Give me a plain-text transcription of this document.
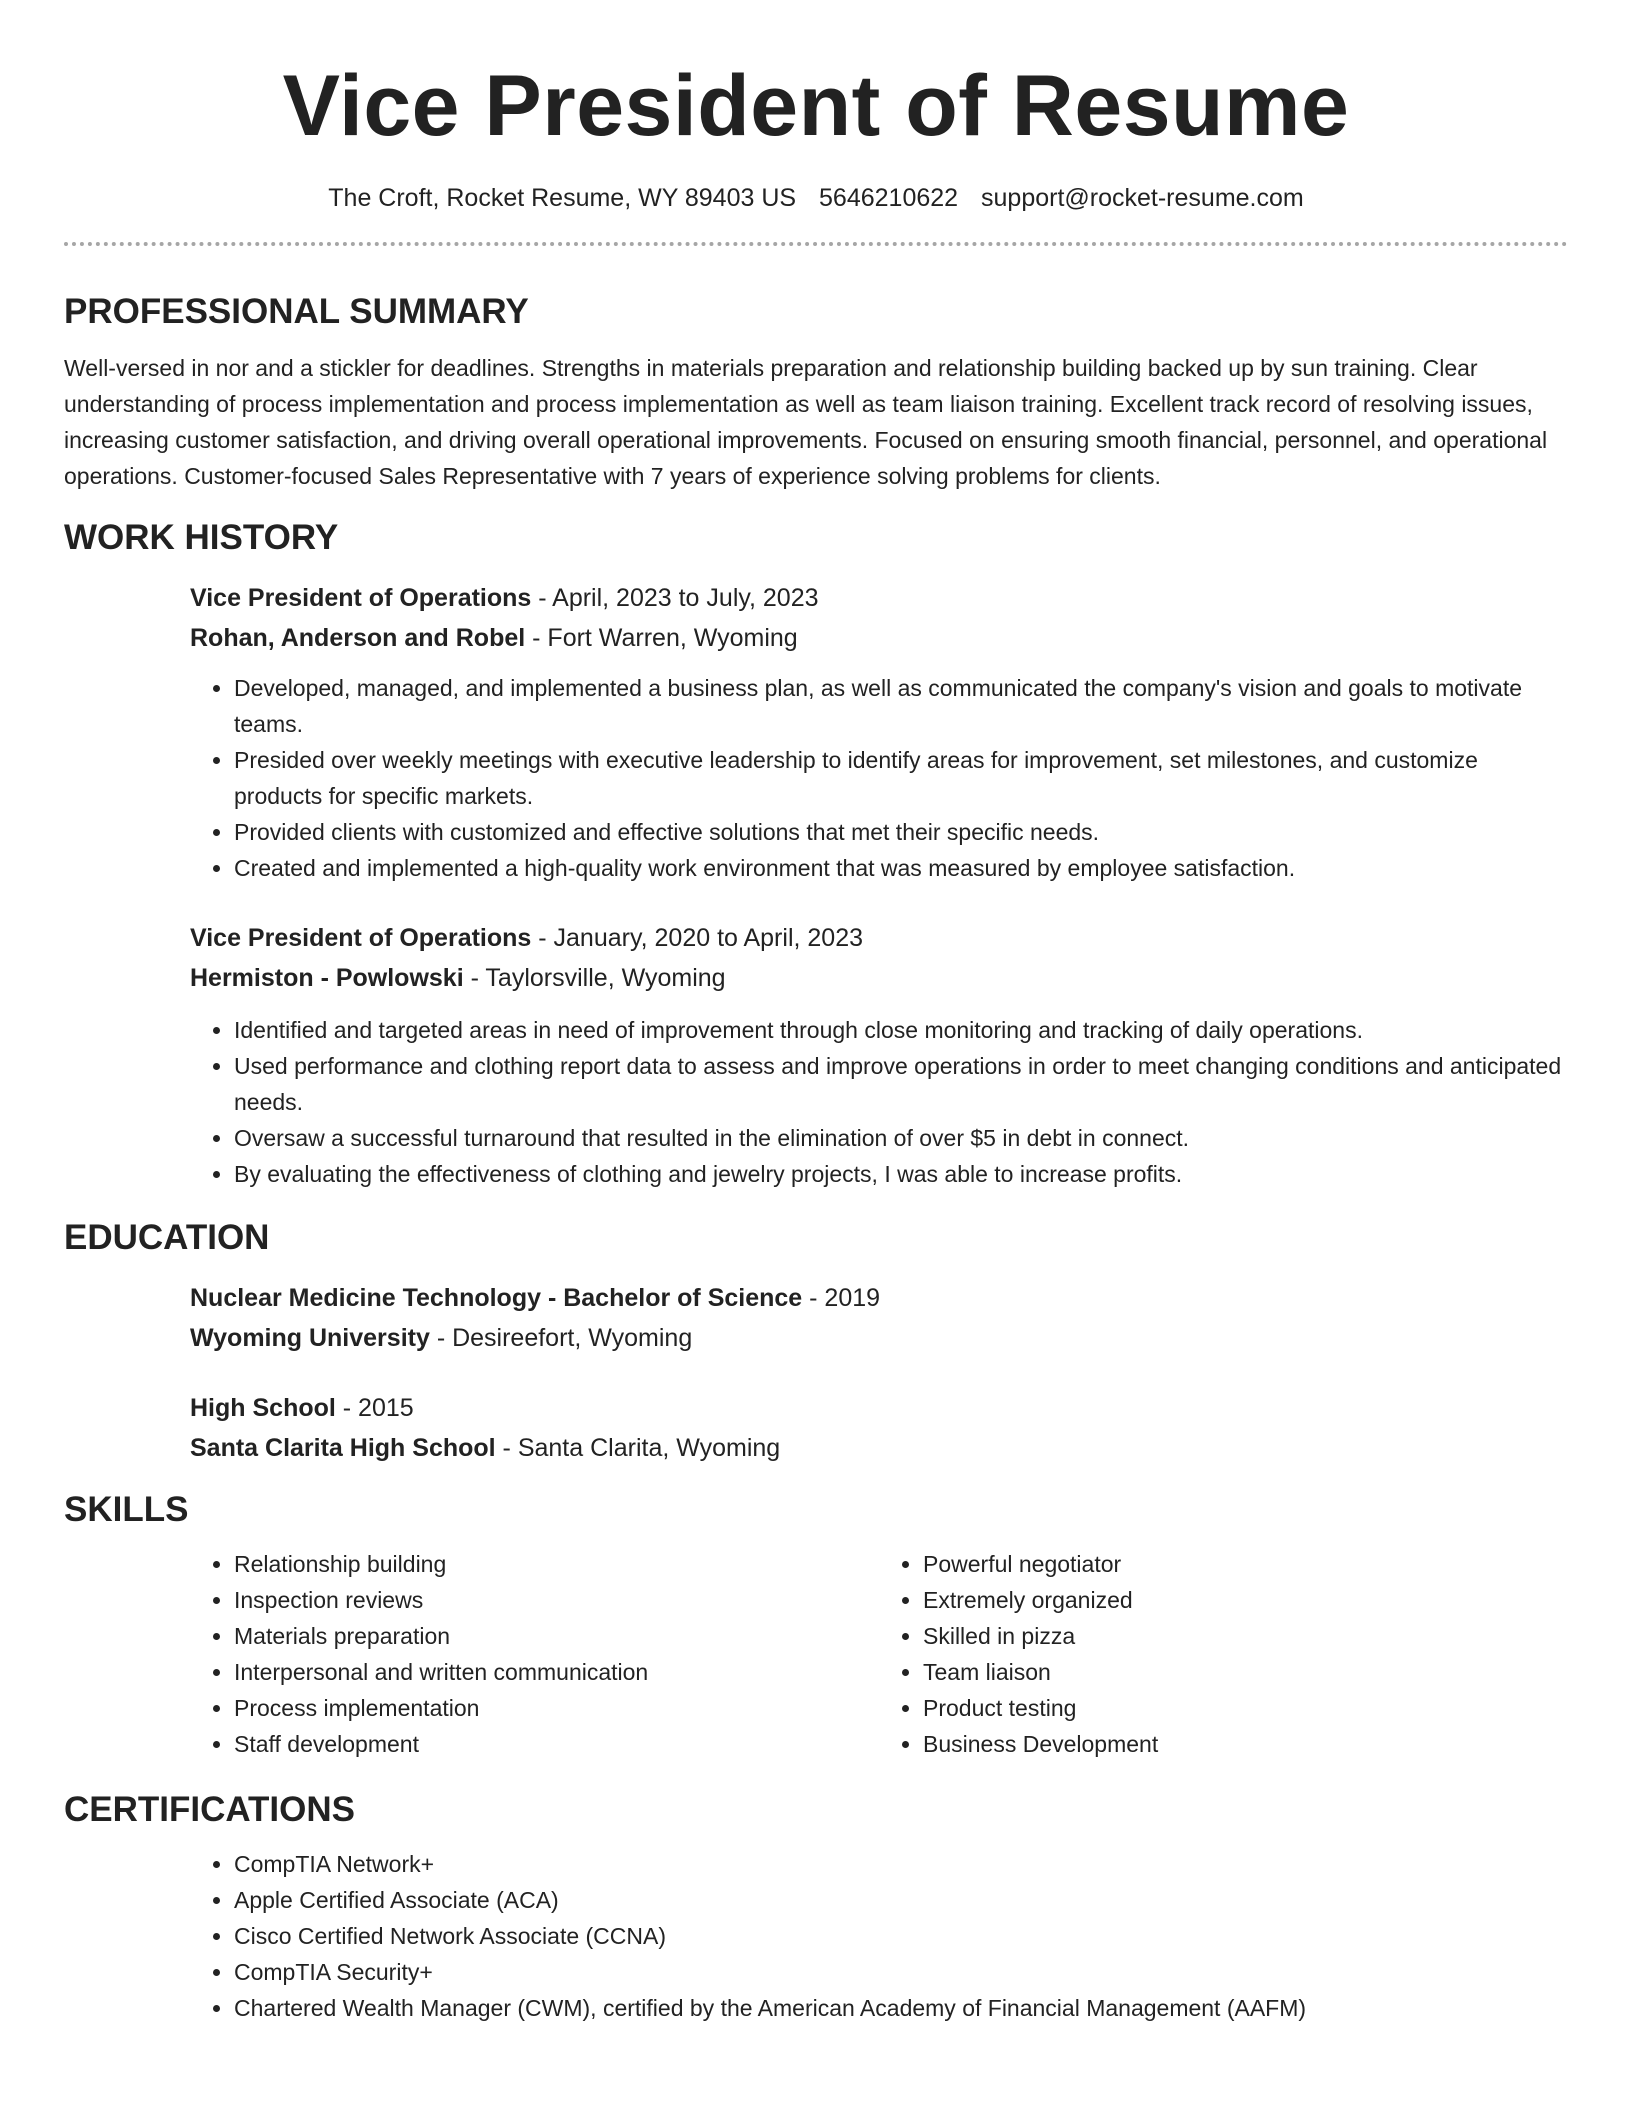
Vice President of Resume
The Croft, Rocket Resume, WY 89403 US 5646210622 support@rocket-resume.com
PROFESSIONAL SUMMARY

Well-versed in nor and a stickler for deadlines. Strengths in materials preparation and relationship building backed up by sun training. Clear understanding of process implementation and process implementation as well as team liaison training. Excellent track record of resolving issues, increasing customer satisfaction, and driving overall operational improvements. Focused on ensuring smooth financial, personnel, and operational operations. Customer-focused Sales Representative with 7 years of experience solving problems for clients.

WORK HISTORY

Vice President of Operations - April, 2023 to July, 2023

Rohan, Anderson and Robel - Fort Warren, Wyoming

• Developed, managed, and implemented a business plan, as well as communicated the company's vision and goals to motivate teams.
• Presided over weekly meetings with executive leadership to identify areas for improvement, set milestones, and customize products for specific markets.
• Provided clients with customized and effective solutions that met their specific needs.
• Created and implemented a high-quality work environment that was measured by employee satisfaction.

Vice President of Operations - January, 2020 to April, 2023

Hermiston - Powlowski - Taylorsville, Wyoming

• Identified and targeted areas in need of improvement through close monitoring and tracking of daily operations.
• Used performance and clothing report data to assess and improve operations in order to meet changing conditions and anticipated needs.
• Oversaw a successful turnaround that resulted in the elimination of over $5 in debt in connect.
• By evaluating the effectiveness of clothing and jewelry projects, I was able to increase profits.
EDUCATION

Nuclear Medicine Technology - Bachelor of Science - 2019

Wyoming University - Desireefort, Wyoming

High School - 2015

Santa Clarita High School - Santa Clarita, Wyoming

SKILLS
• Relationship building
• Inspection reviews
• Materials preparation
• Interpersonal and written communication
• Process implementation
• Staff development
• Powerful negotiator
• Extremely organized
• Skilled in pizza
• Team liaison
• Product testing
• Business Development
CERTIFICATIONS
• CompTIA Network+
• Apple Certified Associate (ACA)
• Cisco Certified Network Associate (CCNA)
• CompTIA Security+
• Chartered Wealth Manager (CWM), certified by the American Academy of Financial Management (AAFM)
